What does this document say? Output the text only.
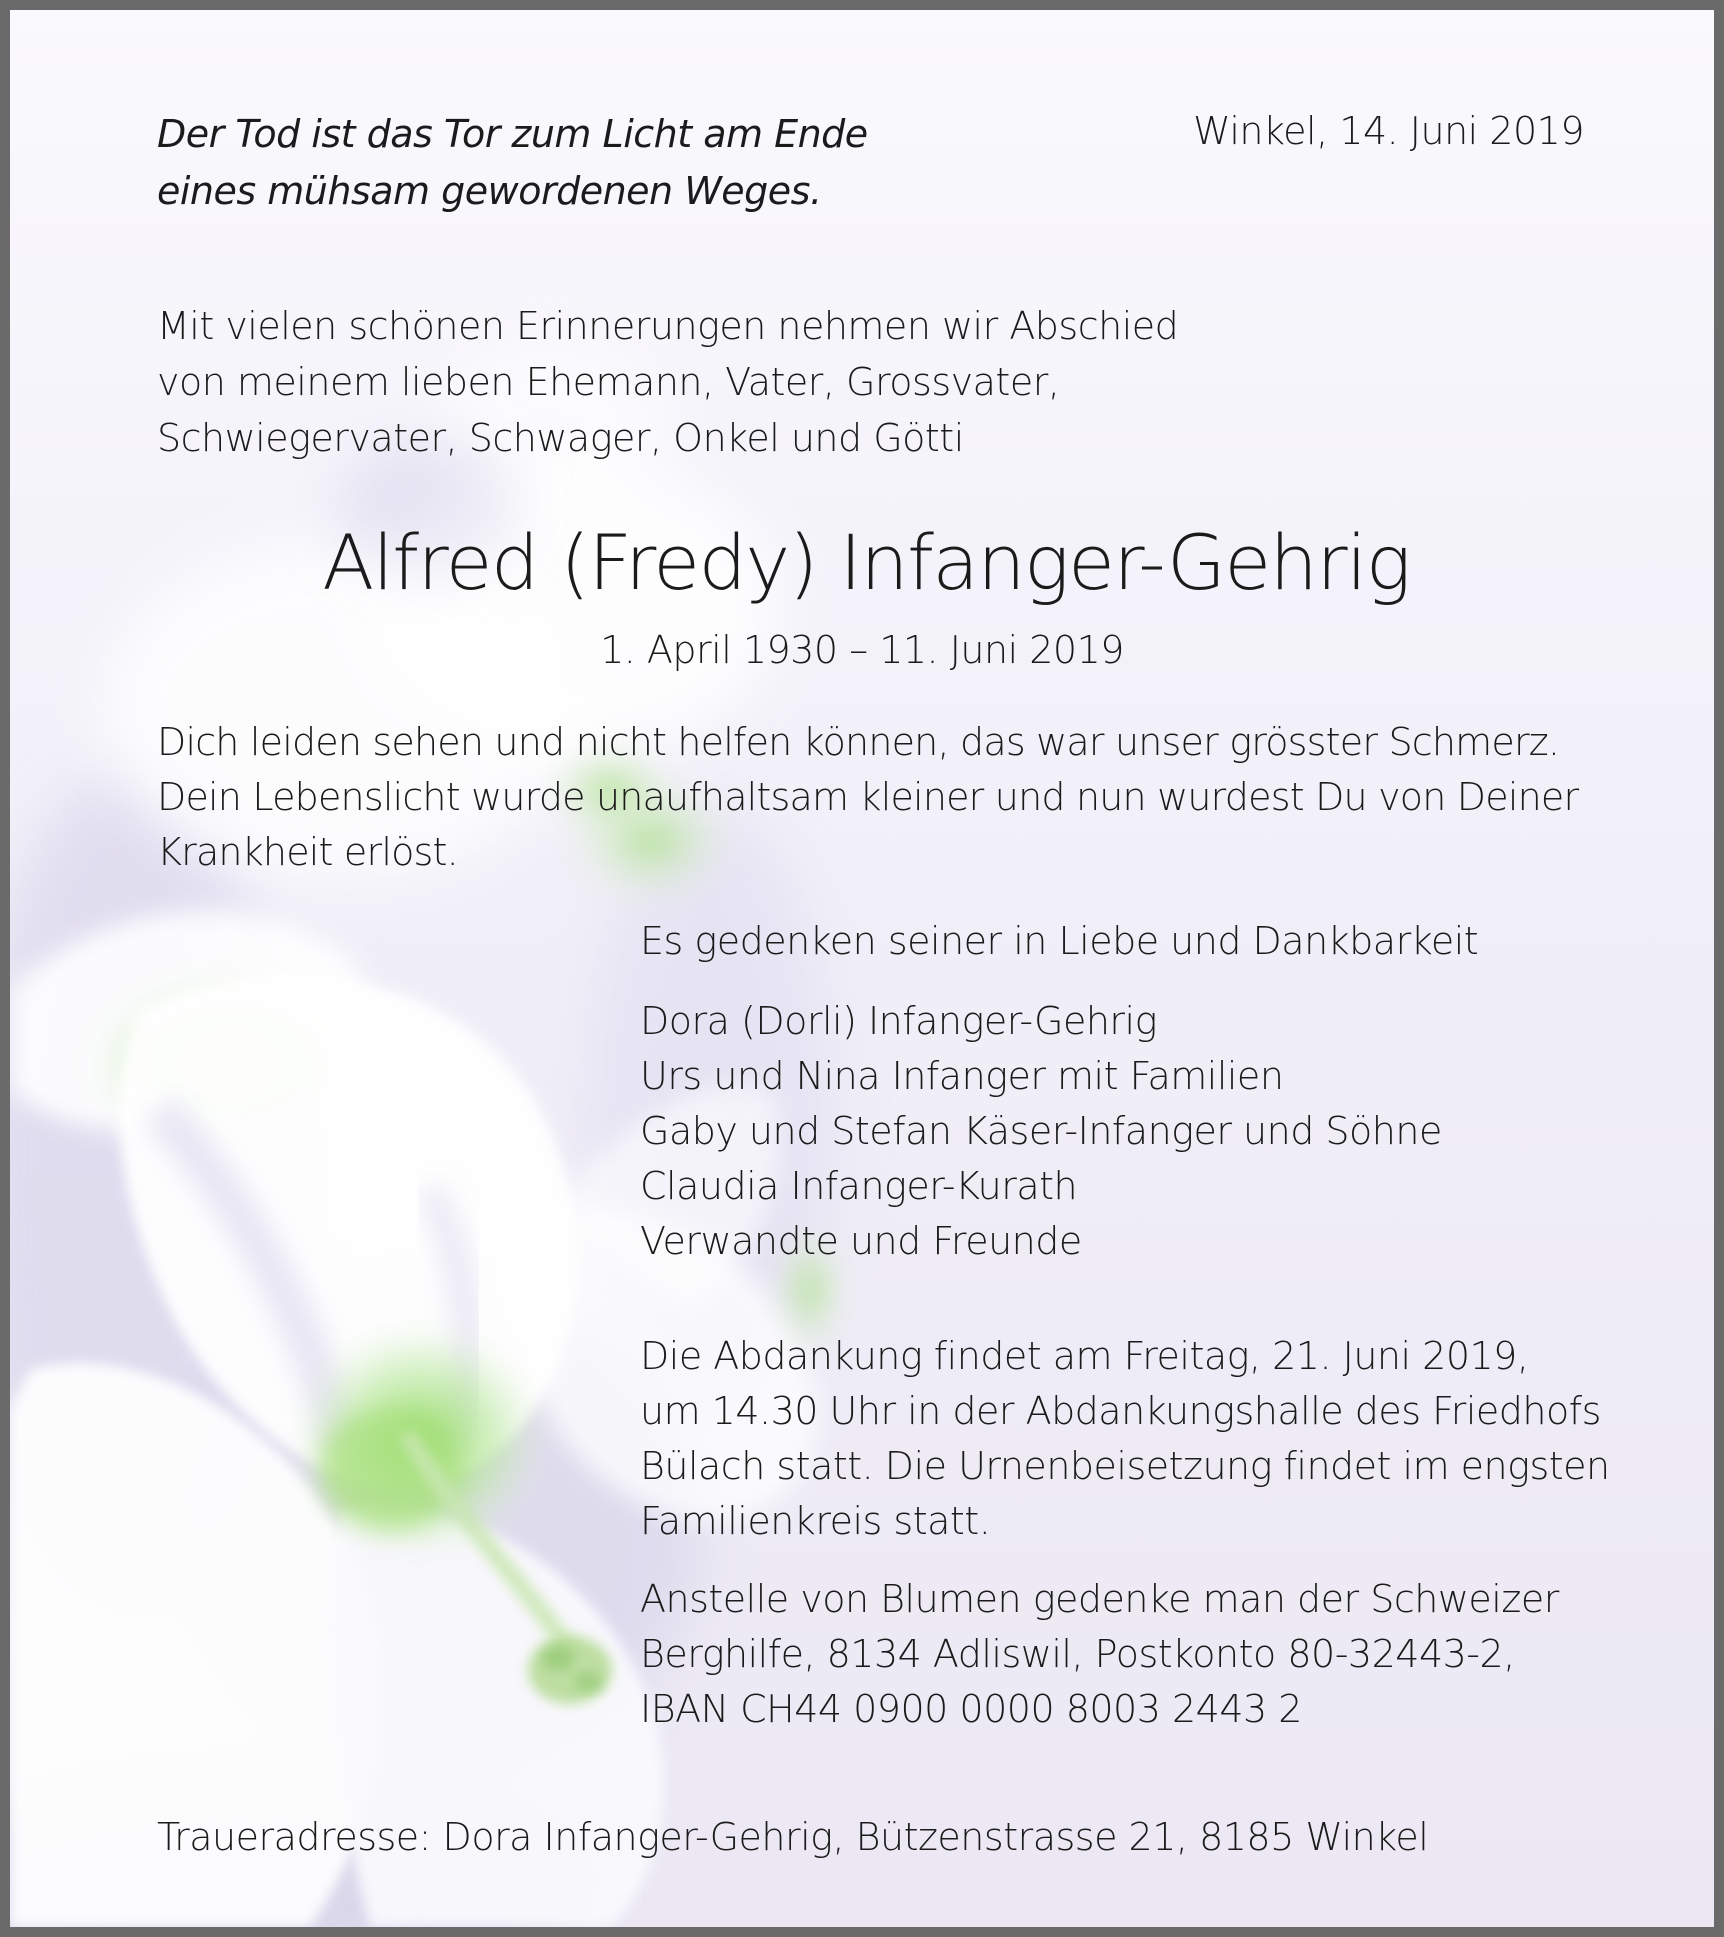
Der Tod ist das Tor zum Licht am Ende
eines mühsam gewordenen Weges.
Winkel, 14. Juni 2019
Mit vielen schönen Erinnerungen nehmen wir Abschied
von meinem lieben Ehemann, Vater, Grossvater,
Schwiegervater, Schwager, Onkel und Götti
Alfred (Fredy) Infanger-Gehrig
1. April 1930 – 11. Juni 2019
Dich leiden sehen und nicht helfen können, das war unser grösster Schmerz.
Dein Lebenslicht wurde unaufhaltsam kleiner und nun wurdest Du von Deiner
Krankheit erlöst.
Es gedenken seiner in Liebe und Dankbarkeit
Dora (Dorli) Infanger-Gehrig
Urs und Nina Infanger mit Familien
Gaby und Stefan Käser-Infanger und Söhne
Claudia Infanger-Kurath
Verwandte und Freunde
Die Abdankung findet am Freitag, 21. Juni 2019,
um 14.30 Uhr in der Abdankungshalle des Friedhofs
Bülach statt. Die Urnenbeisetzung findet im engsten
Familienkreis statt.
Anstelle von Blumen gedenke man der Schweizer
Berghilfe, 8134 Adliswil, Postkonto 80-32443-2,
IBAN CH44 0900 0000 8003 2443 2
Traueradresse: Dora Infanger-Gehrig, Bützenstrasse 21, 8185 Winkel
